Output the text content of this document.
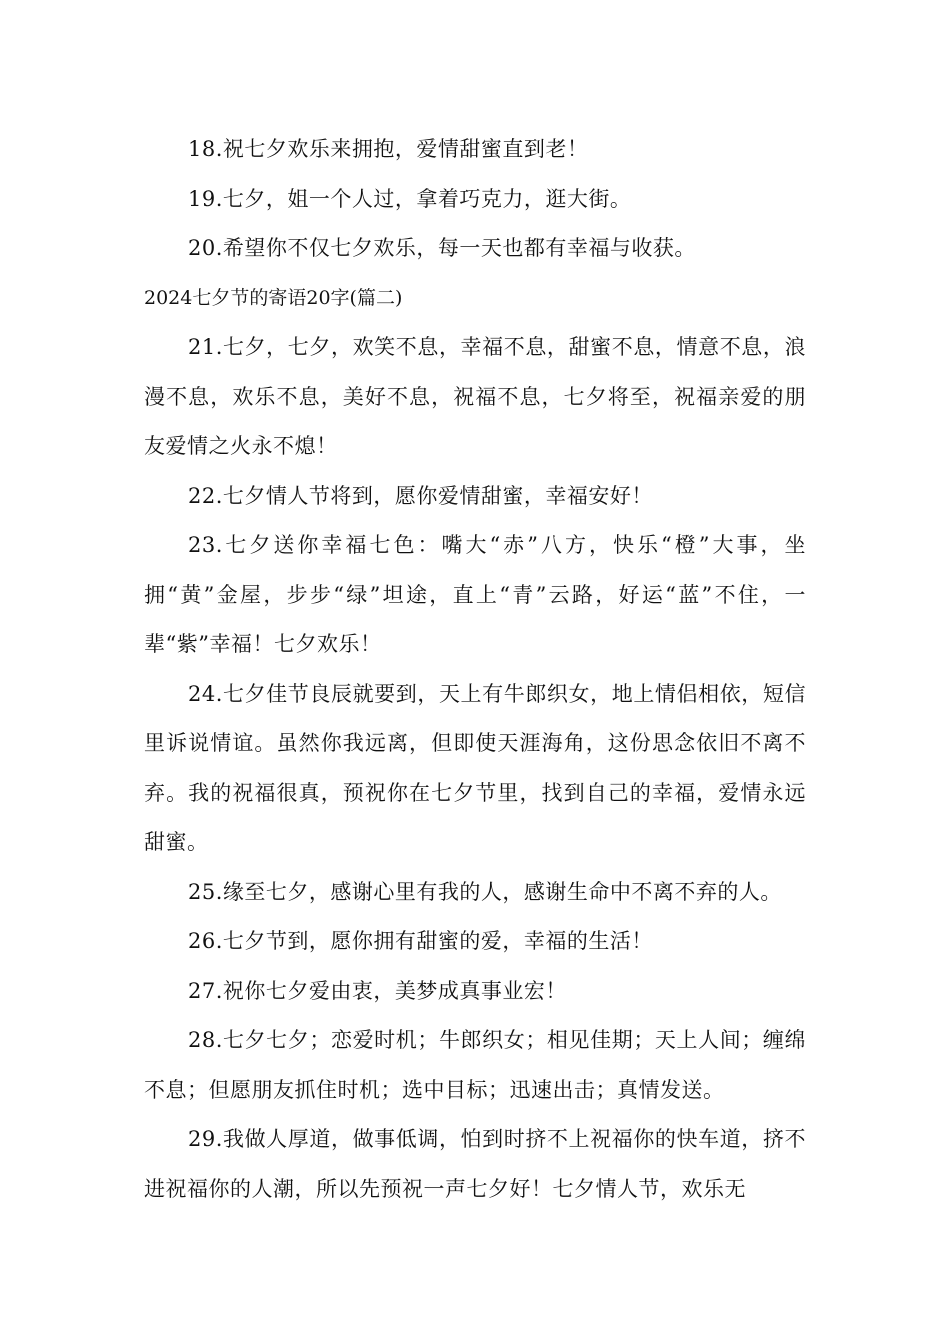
18.祝七夕欢乐来拥抱，爱情甜蜜直到老！

19.七夕，姐一个人过，拿着巧克力，逛大街。

20.希望你不仅七夕欢乐，每一天也都有幸福与收获。

2024七夕节的寄语20字(篇二)

21.七夕，七夕，欢笑不息，幸福不息，甜蜜不息，情意不息，浪漫不息，欢乐不息，美好不息，祝福不息，七夕将至，祝福亲爱的朋友爱情之火永不熄！

22.七夕情人节将到，愿你爱情甜蜜，幸福安好！

23.七夕送你幸福七色：嘴大“赤”八方，快乐“橙”大事，坐拥“黄”金屋，步步“绿”坦途，直上“青”云路，好运“蓝”不住，一辈“紫”幸福！七夕欢乐！

24.七夕佳节良辰就要到，天上有牛郎织女，地上情侣相依，短信里诉说情谊。虽然你我远离，但即使天涯海角，这份思念依旧不离不弃。我的祝福很真，预祝你在七夕节里，找到自己的幸福，爱情永远甜蜜。

25.缘至七夕，感谢心里有我的人，感谢生命中不离不弃的人。

26.七夕节到，愿你拥有甜蜜的爱，幸福的生活！

27.祝你七夕爱由衷，美梦成真事业宏！

28.七夕七夕；恋爱时机；牛郎织女；相见佳期；天上人间；缠绵不息；但愿朋友抓住时机；选中目标；迅速出击；真情发送。

29.我做人厚道，做事低调，怕到时挤不上祝福你的快车道，挤不进祝福你的人潮，所以先预祝一声七夕好！七夕情人节，欢乐无
